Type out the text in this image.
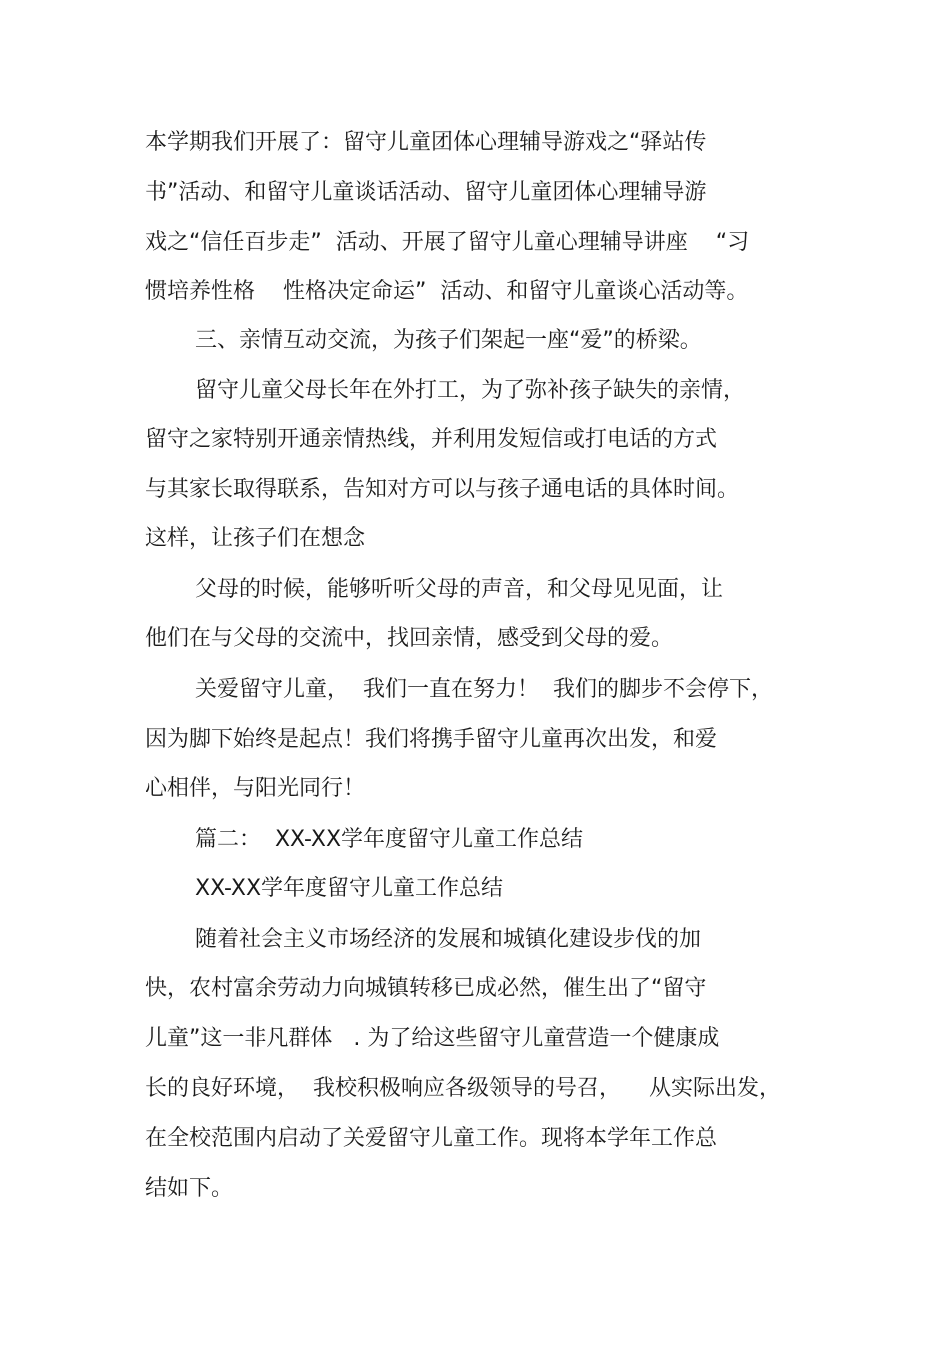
本学期我们开展了：留守儿童团体心理辅导游戏之“驿站传

书”活动、和留守儿童谈话活动、留守儿童团体心理辅导游

戏之“信任百步走”  活动、开展了留守儿童心理辅导讲座    “习

惯培养性格    性格决定命运”  活动、和留守儿童谈心活动等。

三、亲情互动交流，为孩子们架起一座“爱”的桥梁。

留守儿童父母长年在外打工，为了弥补孩子缺失的亲情，

留守之家特别开通亲情热线，并利用发短信或打电话的方式

与其家长取得联系，告知对方可以与孩子通电话的具体时间。

这样，让孩子们在想念

父母的时候，能够听听父母的声音，和父母见见面，让

他们在与父母的交流中，找回亲情，感受到父母的爱。

关爱留守儿童，  我们一直在努力！  我们的脚步不会停下，

因为脚下始终是起点！我们将携手留守儿童再次出发，和爱

心相伴，与阳光同行！

篇二：  XX-XX学年度留守儿童工作总结

XX-XX学年度留守儿童工作总结

随着社会主义市场经济的发展和城镇化建设步伐的加

快，农村富余劳动力向城镇转移已成必然，催生出了“留守

儿童”这一非凡群体   . 为了给这些留守儿童营造一个健康成

长的良好环境，  我校积极响应各级领导的号召，    从实际出发，

在全校范围内启动了关爱留守儿童工作。现将本学年工作总

结如下。
